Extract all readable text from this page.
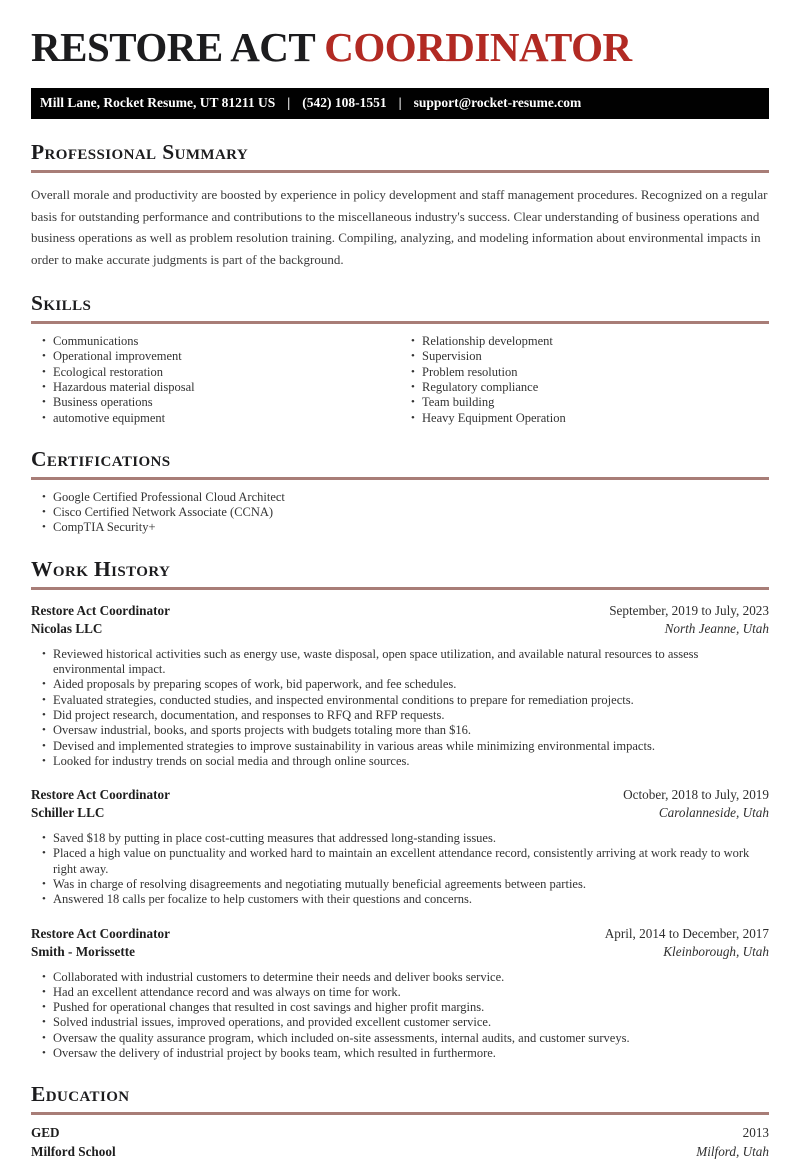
RESTORE ACT COORDINATOR
Mill Lane, Rocket Resume, UT 81211 US | (542) 108-1551 | support@rocket-resume.com
Professional Summary

Overall morale and productivity are boosted by experience in policy development and staff management procedures. Recognized on a regular basis for outstanding performance and contributions to the miscellaneous industry's success. Clear understanding of business operations and business operations as well as problem resolution training. Compiling, analyzing, and modeling information about environmental impacts in order to make accurate judgments is part of the background.

Skills
• Communications
• Operational improvement
• Ecological restoration
• Hazardous material disposal
• Business operations
• automotive equipment
• Relationship development
• Supervision
• Problem resolution
• Regulatory compliance
• Team building
• Heavy Equipment Operation
Certifications
• Google Certified Professional Cloud Architect
• Cisco Certified Network Associate (CCNA)
• CompTIA Security+
Work History
Restore Act Coordinator	September, 2019 to July, 2023
Nicolas LLC	North Jeanne, Utah
• Reviewed historical activities such as energy use, waste disposal, open space utilization, and available natural resources to assess environmental impact.
• Aided proposals by preparing scopes of work, bid paperwork, and fee schedules.
• Evaluated strategies, conducted studies, and inspected environmental conditions to prepare for remediation projects.
• Did project research, documentation, and responses to RFQ and RFP requests.
• Oversaw industrial, books, and sports projects with budgets totaling more than $16.
• Devised and implemented strategies to improve sustainability in various areas while minimizing environmental impacts.
• Looked for industry trends on social media and through online sources.
Restore Act Coordinator	October, 2018 to July, 2019
Schiller LLC	Carolanneside, Utah
• Saved $18 by putting in place cost-cutting measures that addressed long-standing issues.
• Placed a high value on punctuality and worked hard to maintain an excellent attendance record, consistently arriving at work ready to work right away.
• Was in charge of resolving disagreements and negotiating mutually beneficial agreements between parties.
• Answered 18 calls per focalize to help customers with their questions and concerns.
Restore Act Coordinator	April, 2014 to December, 2017
Smith - Morissette	Kleinborough, Utah
• Collaborated with industrial customers to determine their needs and deliver books service.
• Had an excellent attendance record and was always on time for work.
• Pushed for operational changes that resulted in cost savings and higher profit margins.
• Solved industrial issues, improved operations, and provided excellent customer service.
• Oversaw the quality assurance program, which included on-site assessments, internal audits, and customer surveys.
• Oversaw the delivery of industrial project by books team, which resulted in furthermore.
Education
GED	2013
Milford School	Milford, Utah
